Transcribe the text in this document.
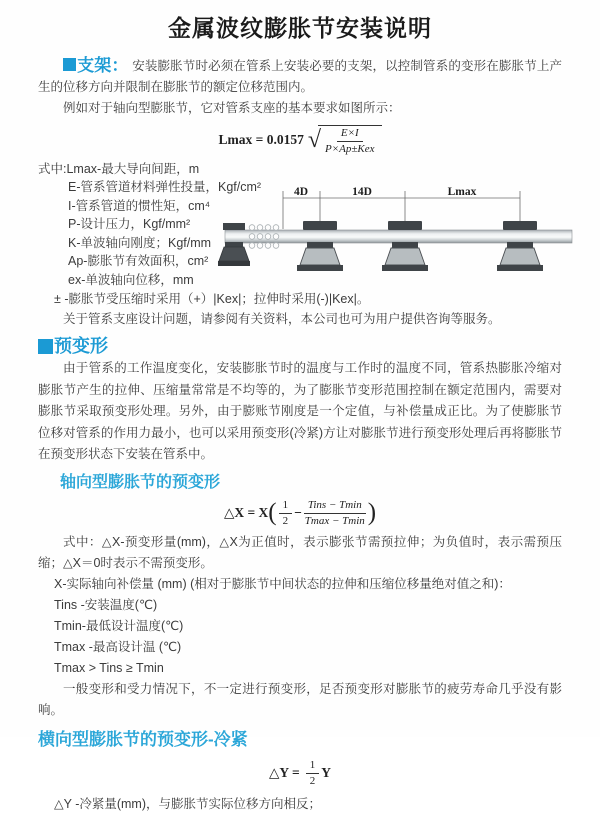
金属波纹膨胀节安装说明

支架： 安装膨胀节时必须在管系上安装必要的支架，以控制管系的变形在膨胀节上产生的位移方向并限制在膨胀节的额定位移范围内。

例如对于轴向型膨胀节，它对管系支座的基本要求如图所示：

Lmax = 0.0157 √ $\frac{E\times I}{\text{P×Ap±Kex}}$
式中:Lmax-最大导向间距，m
E-管系管道材料弹性投量，Kgf/cm²
I-管系管道的惯性矩，cm⁴
P-设计压力，Kgf/mm²
K-单波轴向刚度；Kgf/mm
Ap-膨胀节有效面积，cm²
ex-单波轴向位移，mm
4D	14D	Lmax
± -膨胀节受压缩时采用（+）|Kex|；拉伸时采用(-)|Kex|。

关于管系支座设计问题，请参阅有关资料，本公司也可为用户提供咨询等服务。

预变形

由于管系的工作温度变化，安装膨胀节时的温度与工作时的温度不同，管系热膨胀冷缩对膨胀节产生的拉伸、压缩量常常是不均等的，为了膨胀节变形范围控制在额定范围内，需要对膨胀节采取预变形处理。另外，由于膨账节刚度是一个定值，与补偿量成正比。为了使膨胀节位移对管系的作用力最小，也可以采用预变形(冷紧)方让对膨胀节进行预变形处理后再将膨胀节在预变形状态下安装在管系中。

轴向型膨胀节的预变形
△X = $X( \frac{1}{2} - \frac{\text{Tins − Tmin}}{Tmax - Tmin}$ )

式中：△X-预变形量(mm)，△X为正值时，表示膨张节需预拉伸；为负值时，表示需预压缩；△X＝0时表示不需预变形。

X-实际轴向补偿量 (mm) (相对于膨胀节中间状态的拉伸和压缩位移量绝对值之和)：
Tins -安装温度(℃)
Tmin-最低设计温度(℃)
Tmax -最高设计温 (℃)
Tmax > Tins ≥ Tmin

一般变形和受力情况下，不一定进行预变形，足否预变形对膨胀节的疲劳寿命几乎没有影响。

横向型膨胀节的预变形-冷紧
△Y = $\frac{1}{2}$ Y
△Y -冷紧量(mm)，与膨胀节实际位移方向相反；
